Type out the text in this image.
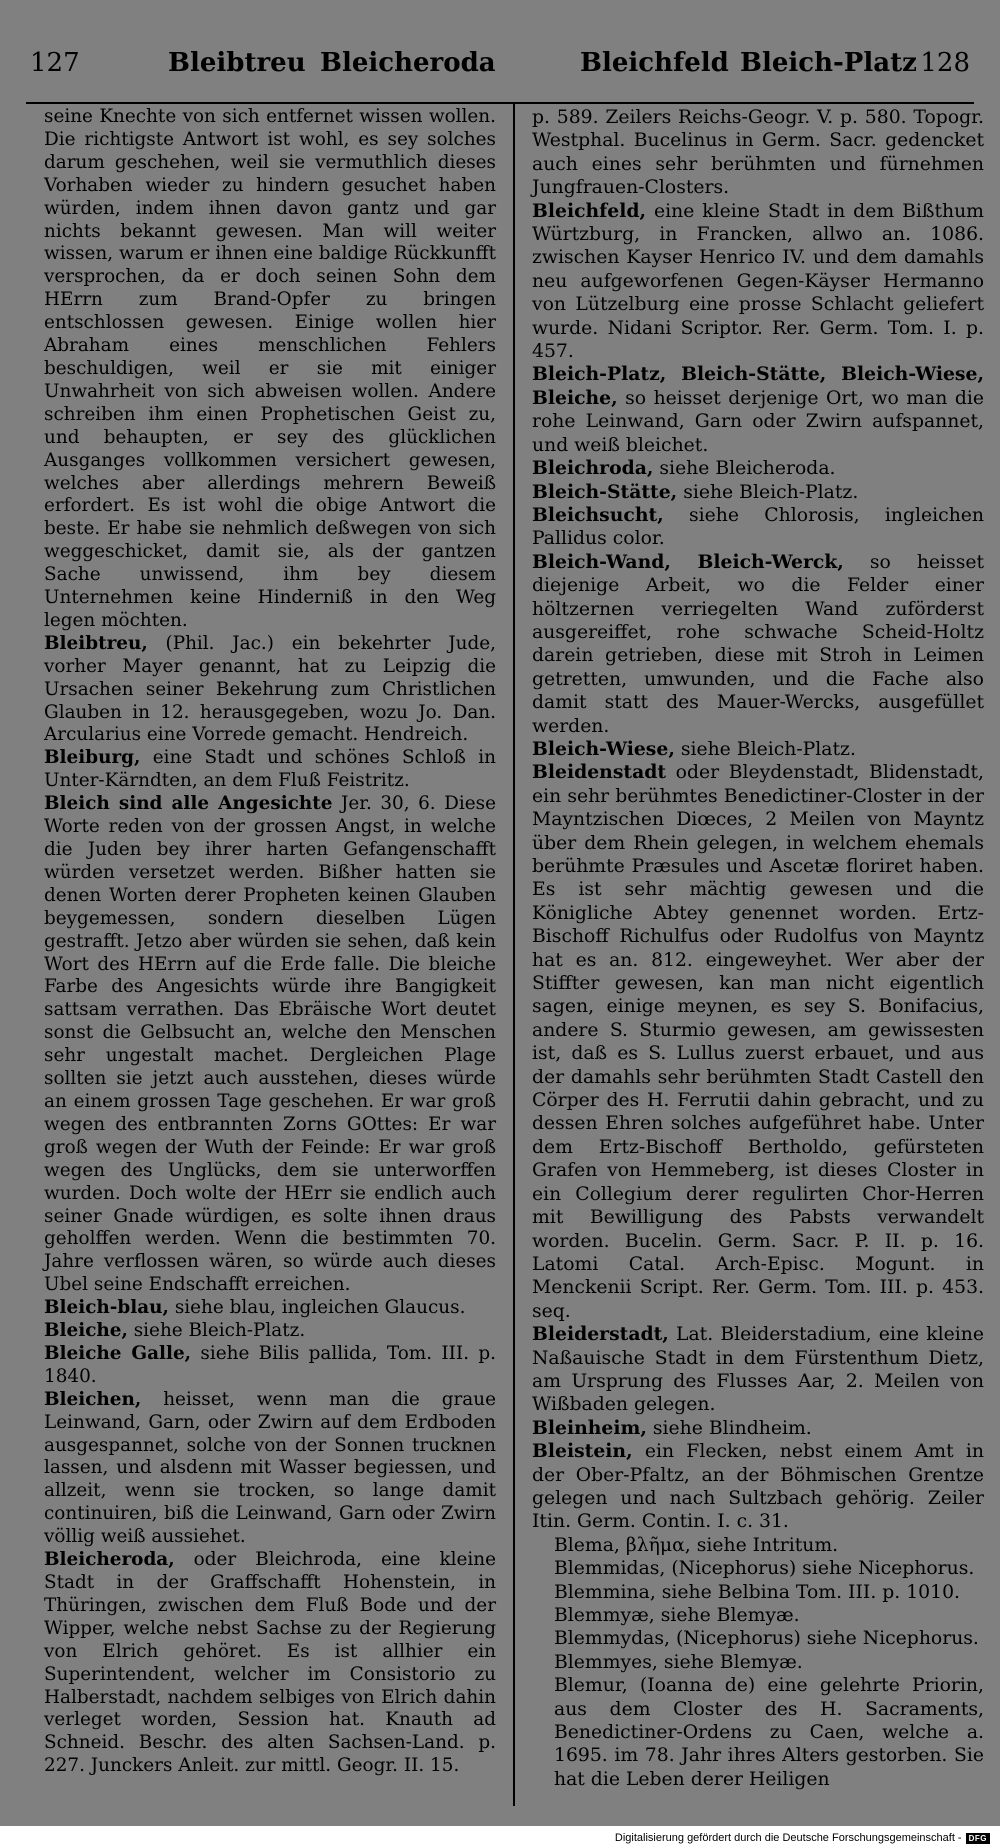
127	Bleibtreu Bleicheroda	Bleichfeld Bleich-Platz 128

seine Knechte von sich entfernet wissen wollen. Die richtigste Antwort ist wohl, es sey solches darum geschehen, weil sie vermuthlich dieses Vorhaben wieder zu hindern gesuchet haben würden, indem ihnen davon gantz und gar nichts bekannt gewesen. Man will weiter wissen, warum er ihnen eine baldige Rückkunfft versprochen, da er doch seinen Sohn dem HErrn zum Brand-Opfer zu bringen entschlossen gewesen. Einige wollen hier Abraham eines menschlichen Fehlers beschuldigen, weil er sie mit einiger Unwahrheit von sich abweisen wollen. Andere schreiben ihm einen Prophetischen Geist zu, und behaupten, er sey des glücklichen Ausganges vollkommen versichert gewesen, welches aber allerdings mehrern Beweiß erfordert. Es ist wohl die obige Antwort die beste. Er habe sie nehmlich deßwegen von sich weggeschicket, damit sie, als der gantzen Sache unwissend, ihm bey diesem Unternehmen keine Hinderniß in den Weg legen möchten.

Bleibtreu, (Phil. Jac.) ein bekehrter Jude, vorher Mayer genannt, hat zu Leipzig die Ursachen seiner Bekehrung zum Christlichen Glauben in 12. herausgegeben, wozu Jo. Dan. Arcularius eine Vorrede gemacht. Hendreich.

Bleiburg, eine Stadt und schönes Schloß in Unter-Kärndten, an dem Fluß Feistritz.

Bleich sind alle Angesichte Jer. 30, 6. Diese Worte reden von der grossen Angst, in welche die Juden bey ihrer harten Gefangenschafft würden versetzet werden. Bißher hatten sie denen Worten derer Propheten keinen Glauben beygemessen, sondern dieselben Lügen gestrafft. Jetzo aber würden sie sehen, daß kein Wort des HErrn auf die Erde falle. Die bleiche Farbe des Angesichts würde ihre Bangigkeit sattsam verrathen. Das Ebräische Wort deutet sonst die Gelbsucht an, welche den Menschen sehr ungestalt machet. Dergleichen Plage sollten sie jetzt auch ausstehen, dieses würde an einem grossen Tage geschehen. Er war groß wegen des entbrannten Zorns GOttes: Er war groß wegen der Wuth der Feinde: Er war groß wegen des Unglücks, dem sie unterworffen wurden. Doch wolte der HErr sie endlich auch seiner Gnade würdigen, es solte ihnen draus geholffen werden. Wenn die bestimmten 70. Jahre verflossen wären, so würde auch dieses Ubel seine Endschafft erreichen.

Bleich-blau, siehe blau, ingleichen Glaucus.

Bleiche, siehe Bleich-Platz.

Bleiche Galle, siehe Bilis pallida, Tom. III. p. 1840.

Bleichen, heisset, wenn man die graue Leinwand, Garn, oder Zwirn auf dem Erdboden ausgespannet, solche von der Sonnen trucknen lassen, und alsdenn mit Wasser begiessen, und allzeit, wenn sie trocken, so lange damit continuiren, biß die Leinwand, Garn oder Zwirn völlig weiß aussiehet.

Bleicheroda, oder Bleichroda, eine kleine Stadt in der Graffschafft Hohenstein, in Thüringen, zwischen dem Fluß Bode und der Wipper, welche nebst Sachse zu der Regierung von Elrich gehöret. Es ist allhier ein Superintendent, welcher im Consistorio zu Halberstadt, nachdem selbiges von Elrich dahin verleget worden, Session hat. Knauth ad Schneid. Beschr. des alten Sachsen-Land. p. 227. Junckers Anleit. zur mittl. Geogr. II. 15.

p. 589. Zeilers Reichs-Geogr. V. p. 580. Topogr. Westphal. Bucelinus in Germ. Sacr. gedencket auch eines sehr berühmten und fürnehmen Jungfrauen-Closters.

Bleichfeld, eine kleine Stadt in dem Bißthum Würtzburg, in Francken, allwo an. 1086. zwischen Kayser Henrico IV. und dem damahls neu aufgeworfenen Gegen-Käyser Hermanno von Lützelburg eine prosse Schlacht geliefert wurde. Nidani Scriptor. Rer. Germ. Tom. I. p. 457.

Bleich-Platz, Bleich-Stätte, Bleich-Wiese, Bleiche, so heisset derjenige Ort, wo man die rohe Leinwand, Garn oder Zwirn aufspannet, und weiß bleichet.

Bleichroda, siehe Bleicheroda.

Bleich-Stätte, siehe Bleich-Platz.

Bleichsucht, siehe Chlorosis, ingleichen Pallidus color.

Bleich-Wand, Bleich-Werck, so heisset diejenige Arbeit, wo die Felder einer höltzernen verriegelten Wand zuförderst ausgereiffet, rohe schwache Scheid-Holtz darein getrieben, diese mit Stroh in Leimen getretten, umwunden, und die Fache also damit statt des Mauer-Wercks, ausgefüllet werden.

Bleich-Wiese, siehe Bleich-Platz.

Bleidenstadt oder Bleydenstadt, Blidenstadt, ein sehr berühmtes Benedictiner-Closter in der Mayntzischen Diœces, 2 Meilen von Mayntz über dem Rhein gelegen, in welchem ehemals berühmte Præsules und Ascetæ floriret haben. Es ist sehr mächtig gewesen und die Königliche Abtey genennet worden. Ertz-Bischoff Richulfus oder Rudolfus von Mayntz hat es an. 812. eingeweyhet. Wer aber der Stiffter gewesen, kan man nicht eigentlich sagen, einige meynen, es sey S. Bonifacius, andere S. Sturmio gewesen, am gewissesten ist, daß es S. Lullus zuerst erbauet, und aus der damahls sehr berühmten Stadt Castell den Cörper des H. Ferrutii dahin gebracht, und zu dessen Ehren solches aufgeführet habe. Unter dem Ertz-Bischoff Bertholdo, gefürsteten Grafen von Hemmeberg, ist dieses Closter in ein Collegium derer regulirten Chor-Herren mit Bewilligung des Pabsts verwandelt worden. Bucelin. Germ. Sacr. P. II. p. 16. Latomi Catal. Arch-Episc. Mogunt. in Menckenii Script. Rer. Germ. Tom. III. p. 453. seq.

Bleiderstadt, Lat. Bleiderstadium, eine kleine Naßauische Stadt in dem Fürstenthum Dietz, am Ursprung des Flusses Aar, 2. Meilen von Wißbaden gelegen.

Bleinheim, siehe Blindheim.

Bleistein, ein Flecken, nebst einem Amt in der Ober-Pfaltz, an der Böhmischen Grentze gelegen und nach Sultzbach gehörig. Zeiler Itin. Germ. Contin. I. c. 31.

Blema, βλῆμα, siehe Intritum.

Blemmidas, (Nicephorus) siehe Nicephorus.

Blemmina, siehe Belbina Tom. III. p. 1010.

Blemmyæ, siehe Blemyæ.

Blemmydas, (Nicephorus) siehe Nicephorus.

Blemmyes, siehe Blemyæ.

Blemur, (Ioanna de) eine gelehrte Priorin, aus dem Closter des H. Sacraments, Benedictiner-Ordens zu Caen, welche a. 1695. im 78. Jahr ihres Alters gestorben. Sie hat die Leben derer Heiligen

Digitalisierung gefördert durch die Deutsche Forschungsgemeinschaft - DFG
